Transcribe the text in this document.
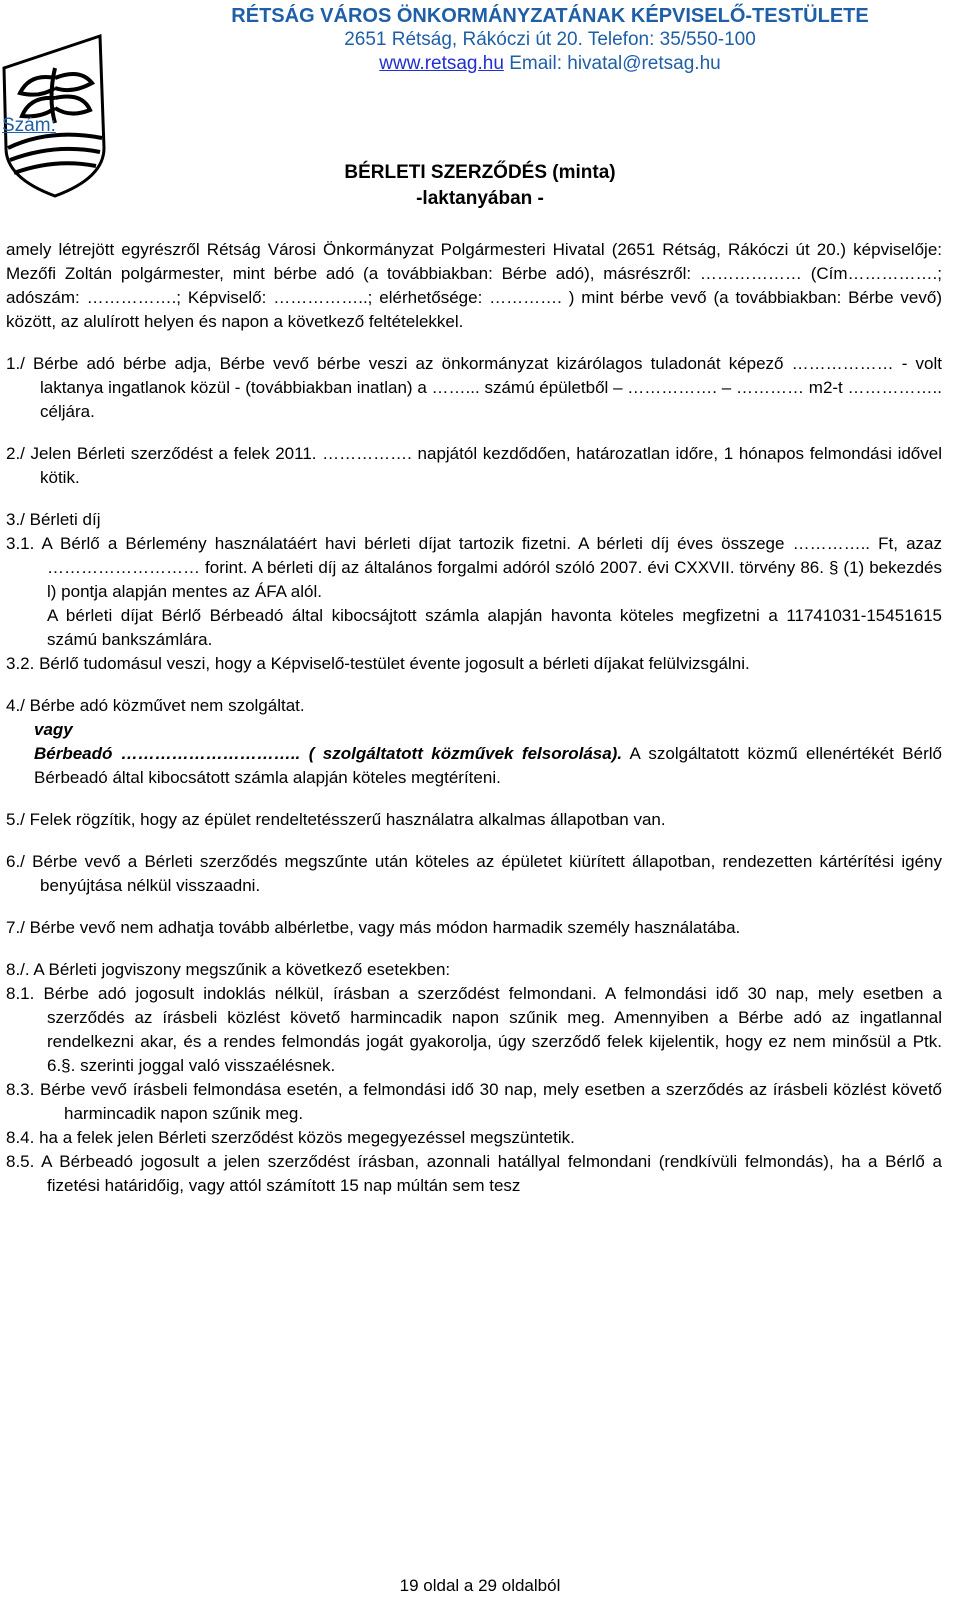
RÉTSÁG VÁROS ÖNKORMÁNYZATÁNAK KÉPVISELŐ-TESTÜLETE
2651 Rétság, Rákóczi út 20. Telefon: 35/550-100
www.retsag.hu Email: hivatal@retsag.hu
Szám:
BÉRLETI SZERZŐDÉS (minta)
-laktanyában -

amely létrejött egyrészről Rétság Városi Önkormányzat Polgármesteri Hivatal (2651 Rétság, Rákóczi út 20.) képviselője: Mezőfi Zoltán polgármester, mint bérbe adó (a továbbiakban: Bérbe adó), másrészről: ……………… (Cím…………….; adószám: …………….; Képviselő: ……………..; elérhetősége: …………. ) mint bérbe vevő (a továbbiakban: Bérbe vevő) között, az alulírott helyen és napon a következő feltételekkel.

1./ Bérbe adó bérbe adja, Bérbe vevő bérbe veszi az önkormányzat kizárólagos tuladonát képező ……………… - volt laktanya ingatlanok közül - (továbbiakban inatlan) a ……... számú épületből – ……………. – ………… m2-t …………….. céljára.

2./ Jelen Bérleti szerződést a felek 2011. ……………. napjától kezdődően, határozatlan időre, 1 hónapos felmondási idővel kötik.

3./ Bérleti díj

3.1. A Bérlő a Bérlemény használatáért havi bérleti díjat tartozik fizetni. A bérleti díj éves összege ………….. Ft, azaz ……………………… forint. A bérleti díj az általános forgalmi adóról szóló 2007. évi CXXVII. törvény 86. § (1) bekezdés l) pontja alapján mentes az ÁFA alól.

A bérleti díjat Bérlő Bérbeadó által kibocsájtott számla alapján havonta köteles megfizetni a 11741031-15451615 számú bankszámlára.

3.2. Bérlő tudomásul veszi, hogy a Képviselő-testület évente jogosult a bérleti díjakat felülvizsgálni.

4./ Bérbe adó közművet nem szolgáltat.

vagy

Bérbeadó ………………………….. ( szolgáltatott közművek felsorolása). A szolgáltatott közmű ellenértékét Bérlő Bérbeadó által kibocsátott számla alapján köteles megtéríteni.

5./ Felek rögzítik, hogy az épület rendeltetésszerű használatra alkalmas állapotban van.

6./ Bérbe vevő a Bérleti szerződés megszűnte után köteles az épületet kiürített állapotban, rendezetten kártérítési igény benyújtása nélkül visszaadni.

7./ Bérbe vevő nem adhatja tovább albérletbe, vagy más módon harmadik személy használatába.

8./. A Bérleti jogviszony megszűnik a következő esetekben:

8.1. Bérbe adó jogosult indoklás nélkül, írásban a szerződést felmondani. A felmondási idő 30 nap, mely esetben a szerződés az írásbeli közlést követő harmincadik napon szűnik meg. Amennyiben a Bérbe adó az ingatlannal rendelkezni akar, és a rendes felmondás jogát gyakorolja, úgy szerződő felek kijelentik, hogy ez nem minősül a Ptk. 6.§. szerinti joggal való visszaélésnek.

8.3. Bérbe vevő írásbeli felmondása esetén, a felmondási idő 30 nap, mely esetben a szerződés az írásbeli közlést követő harmincadik napon szűnik meg.

8.4. ha a felek jelen Bérleti szerződést közös megegyezéssel megszüntetik.

8.5. A Bérbeadó jogosult a jelen szerződést írásban, azonnali hatállyal felmondani (rendkívüli felmondás), ha a Bérlő a fizetési határidőig, vagy attól számított 15 nap múltán sem tesz

19 oldal a 29 oldalból
